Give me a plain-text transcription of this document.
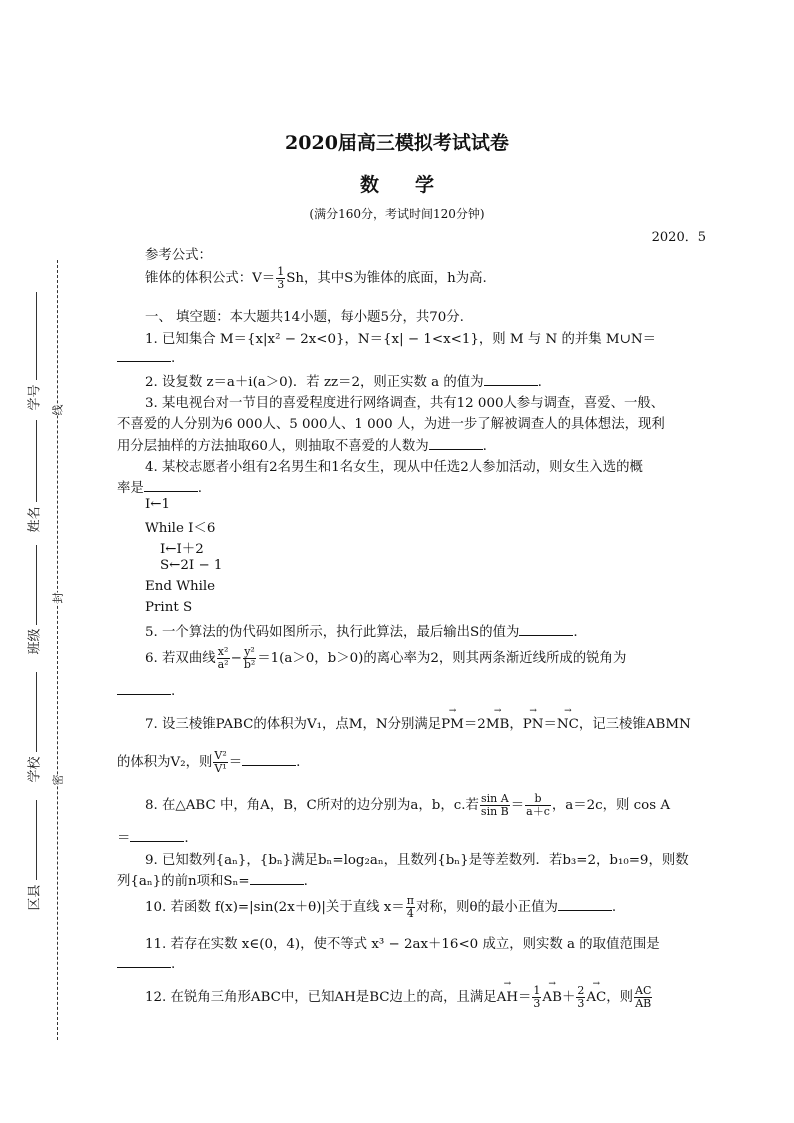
2020届高三模拟考试试卷
数学
(满分160分，考试时间120分钟)
2020．5
参考公式：
锥体的体积公式：$V= \frac{1}{3}$ Sh，其中S为锥体的底面，h为高.
一、 填空题：本大题共14小题，每小题5分，共70分.
1. 已知集合 M＝{x|x² − 2x<0}，N＝{x| − 1<x<1}，则 M 与 N 的并集 M∪N＝
.
2. 设复数 z＝a＋i(a＞0)．若 zz＝2，则正实数 a 的值为	.
3. 某电视台对一节目的喜爱程度进行网络调查，共有12 000人参与调查，喜爱、一般、
不喜爱的人分别为6 000人、5 000人、1 000 人，为进一步了解被调查人的具体想法，现利
用分层抽样的方法抽取60人，则抽取不喜爱的人数为	.
4. 某校志愿者小组有2名男生和1名女生，现从中任选2人参加活动，则女生入选的概
率是	.
I←1
While I＜6
I←I＋2
S←2I − 1
End While
Print S
5. 一个算法的伪代码如图所示，执行此算法，最后输出S的值为	.
6. 若双曲线 $\frac{\text{x²}}{\text{a²}} - \frac{\text{y²}}{\text{b²}} =1(a>0$，b＞0)的离心率为2，则其两条渐近线所成的锐角为
.
7. 设三棱锥PABC的体积为V₁，点M，N分别满足→ PM＝2→ MB，→ PN＝→ NC，记三棱锥ABMN
的体积为V₂，则 $\frac{\text{V²}}{\text{V¹}}$ ＝	.
8. 在△ABC 中，角A，B，C所对的边分别为a，b，c.若 $\frac{\text{sin A}}{\text{sin B}} = \frac{b}{a+c}$ ，a＝2c，则 cos A
＝	.
9. 已知数列{aₙ}，{bₙ}满足bₙ=log₂aₙ，且数列{bₙ}是等差数列．若b₃=2，b₁₀=9，则数
列{aₙ}的前n项和Sₙ=	.
10. 若函数 f(x)=|sin(2x＋θ)|关于直线 $x= \frac{\pi}{4}$ 对称，则θ的最小正值为	.
11. 若存在实数 x∈(0，4)，使不等式 x³ − 2ax＋16<0 成立，则实数 a 的取值范围是
.
12. 在锐角三角形ABC中，已知AH是BC边上的高，且满足→ $AH= \frac{1}{3}$
→ $AB+ \frac{2}{3}$
→ AC，则 $\frac{AC}{AB}$
学号
姓名
班级
学校
区县
线
封
密
